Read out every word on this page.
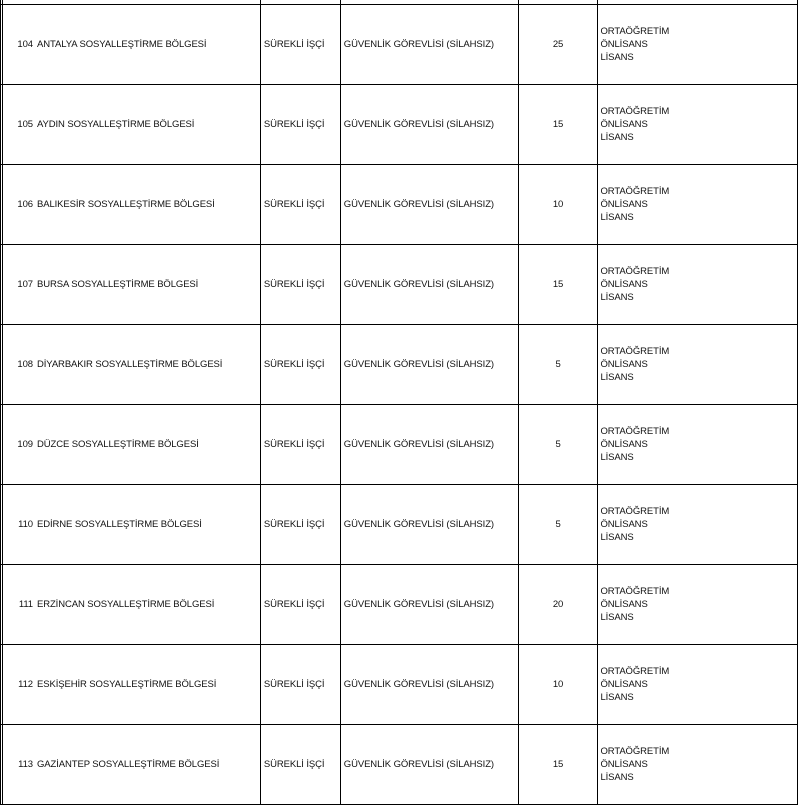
	104 ANTALYA SOSYALLEŞTİRME BÖLGESİ	SÜREKLİ İŞÇİ	GÜVENLİK GÖREVLİSİ (SİLAHSIZ)	25	ORTAÖĞRETİM
ÖNLİSANS
LİSANS

	105 AYDIN SOSYALLEŞTİRME BÖLGESİ	SÜREKLİ İŞÇİ	GÜVENLİK GÖREVLİSİ (SİLAHSIZ)	15	ORTAÖĞRETİM
ÖNLİSANS
LİSANS

	106 BALIKESİR SOSYALLEŞTİRME BÖLGESİ	SÜREKLİ İŞÇİ	GÜVENLİK GÖREVLİSİ (SİLAHSIZ)	10	ORTAÖĞRETİM
ÖNLİSANS
LİSANS

	107 BURSA SOSYALLEŞTİRME BÖLGESİ	SÜREKLİ İŞÇİ	GÜVENLİK GÖREVLİSİ (SİLAHSIZ)	15	ORTAÖĞRETİM
ÖNLİSANS
LİSANS

	108 DİYARBAKIR SOSYALLEŞTİRME BÖLGESİ	SÜREKLİ İŞÇİ	GÜVENLİK GÖREVLİSİ (SİLAHSIZ)	5	ORTAÖĞRETİM
ÖNLİSANS
LİSANS

	109 DÜZCE SOSYALLEŞTİRME BÖLGESİ	SÜREKLİ İŞÇİ	GÜVENLİK GÖREVLİSİ (SİLAHSIZ)	5	ORTAÖĞRETİM
ÖNLİSANS
LİSANS

	110 EDİRNE SOSYALLEŞTİRME BÖLGESİ	SÜREKLİ İŞÇİ	GÜVENLİK GÖREVLİSİ (SİLAHSIZ)	5	ORTAÖĞRETİM
ÖNLİSANS
LİSANS

	111 ERZİNCAN SOSYALLEŞTİRME BÖLGESİ	SÜREKLİ İŞÇİ	GÜVENLİK GÖREVLİSİ (SİLAHSIZ)	20	ORTAÖĞRETİM
ÖNLİSANS
LİSANS

	112 ESKİŞEHİR SOSYALLEŞTİRME BÖLGESİ	SÜREKLİ İŞÇİ	GÜVENLİK GÖREVLİSİ (SİLAHSIZ)	10	ORTAÖĞRETİM
ÖNLİSANS
LİSANS

	113 GAZİANTEP SOSYALLEŞTİRME BÖLGESİ	SÜREKLİ İŞÇİ	GÜVENLİK GÖREVLİSİ (SİLAHSIZ)	15	ORTAÖĞRETİM
ÖNLİSANS
LİSANS
